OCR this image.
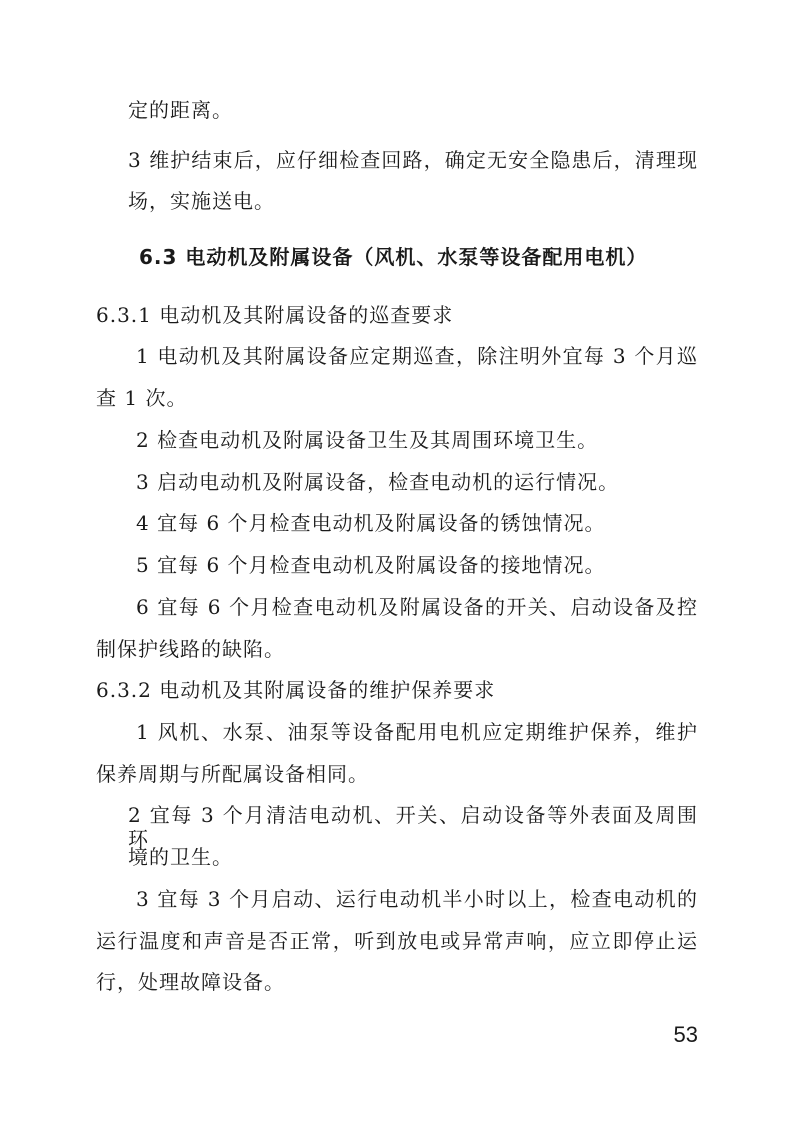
定的距离。
3 维护结束后，应仔细检查回路，确定无安全隐患后，清理现
场，实施送电。
6.3 电动机及附属设备（风机、水泵等设备配用电机）
6.3.1 电动机及其附属设备的巡查要求
1 电动机及其附属设备应定期巡查，除注明外宜每 3 个月巡
查 1 次。
2 检查电动机及附属设备卫生及其周围环境卫生。
3 启动电动机及附属设备，检查电动机的运行情况。
4 宜每 6 个月检查电动机及附属设备的锈蚀情况。
5 宜每 6 个月检查电动机及附属设备的接地情况。
6 宜每 6 个月检查电动机及附属设备的开关、启动设备及控
制保护线路的缺陷。
6.3.2 电动机及其附属设备的维护保养要求
1 风机、水泵、油泵等设备配用电机应定期维护保养，维护
保养周期与所配属设备相同。
2 宜每 3 个月清洁电动机、开关、启动设备等外表面及周围环
境的卫生。
3 宜每 3 个月启动、运行电动机半小时以上，检查电动机的
运行温度和声音是否正常，听到放电或异常声响，应立即停止运
行，处理故障设备。
53
